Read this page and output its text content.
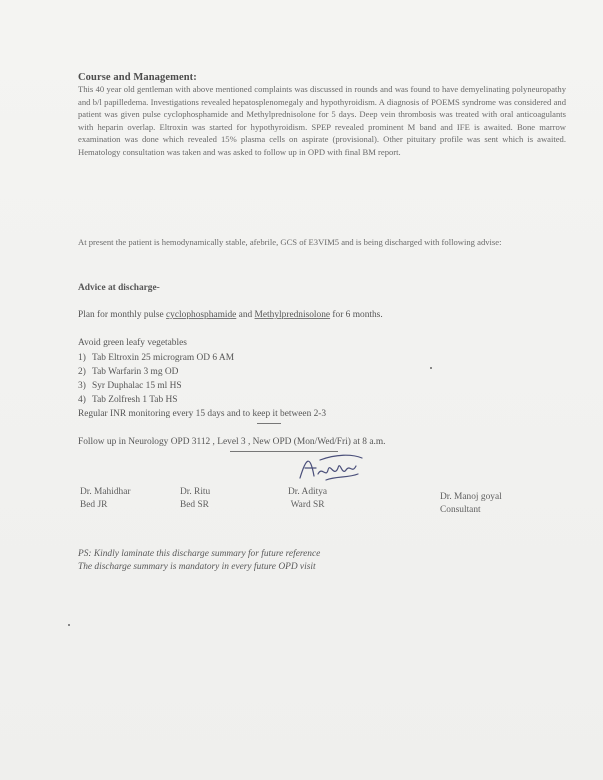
Course and Management:

This 40 year old gentleman with above mentioned complaints was discussed in rounds and was found to have demyelinating polyneuropathy and b/l papilledema. Investigations revealed hepatosplenomegaly and hypothyroidism. A diagnosis of POEMS syndrome was considered and patient was given pulse cyclophosphamide and Methylprednisolone for 5 days. Deep vein thrombosis was treated with oral anticoagulants with heparin overlap. Eltroxin was started for hypothyroidism. SPEP revealed prominent M band and IFE is awaited. Bone marrow examination was done which revealed 15% plasma cells on aspirate (provisional). Other pituitary profile was sent which is awaited. Hematology consultation was taken and was asked to follow up in OPD with final BM report.

At present the patient is hemodynamically stable, afebrile, GCS of E3VIM5 and is being discharged with following advise:

Advice at discharge-

Plan for monthly pulse cyclophosphamide and Methylprednisolone for 6 months.

Avoid green leafy vegetables
1) Tab Eltroxin 25 microgram OD 6 AM
2) Tab Warfarin 3 mg OD
3) Syr Duphalac 15 ml HS
4) Tab Zolfresh 1 Tab HS
Regular INR monitoring every 15 days and to keep it between 2-3
Follow up in Neurology OPD 3112 , Level 3 , New OPD (Mon/Wed/Fri) at 8 a.m.
Dr. Mahidhar
Bed JR
Dr. Ritu
Bed SR
Dr. Aditya
Ward SR
Dr. Manoj goyal
Consultant

PS: Kindly laminate this discharge summary for future reference
The discharge summary is mandatory in every future OPD visit
